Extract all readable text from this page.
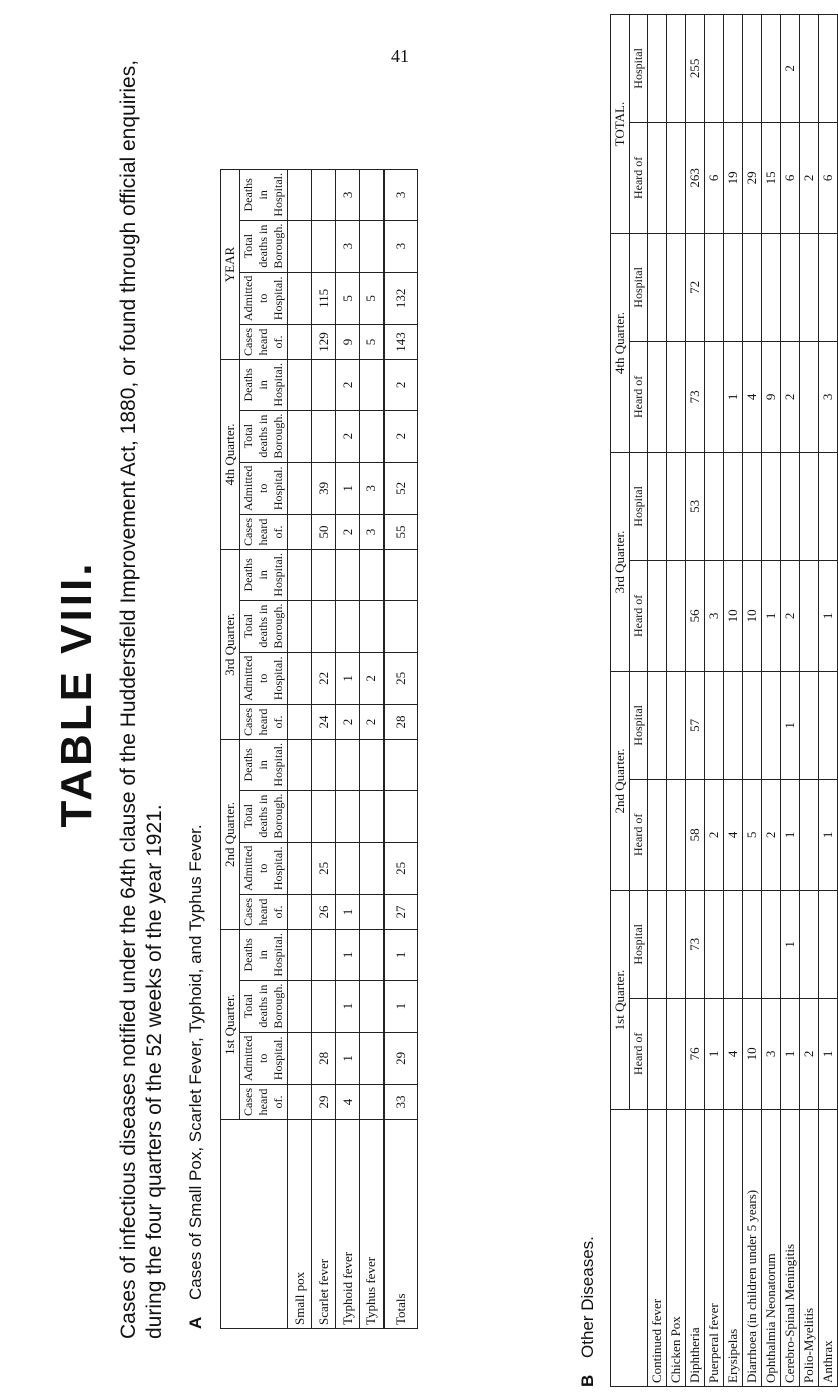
41
TABLE VIII. Cases of infectious diseases notified under the 64th clause of the Huddersfield Improvement Act, 1880, or found through official enquiries, during the four quarters of the 52 weeks of the year 1921. A Cases of Small Pox, Scarlet Fever, Typhoid, and Typhus Fever.
	1st Quarter.				2nd Quarter.				3rd Quarter.				4th Quarter.				YEAR			
	Cases heard of.	Admitted to Hospital.	Total deaths in Borough.	Deaths in Hospital.	Cases heard of.	Admitted to Hospital.	Total deaths in Borough.	Deaths in Hospital.	Cases heard of.	Admitted to Hospital.	Total deaths in Borough.	Deaths in Hospital.	Cases heard of.	Admitted to Hospital.	Total deaths in Borough.	Deaths in Hospital.	Cases heard of.	Admitted to Hospital.	Total deaths in Borough.	Deaths in Hospital.
Small pox																				
Scarlet fever	29	28			26	25			24	22			50	39			129	115		
Typhoid fever	4	1	1	1	1				2	1			2	1	2	2	9	5	3	3
Typhus fever									2	2			3	3			5	5		
Totals	33	29	1	1	27	25			28	25			55	52	2	2	143	132	3	3
B Other Diseases.
	1st Quarter.		2nd Quarter.		3rd Quarter.		4th Quarter.		TOTAL.	
	Heard of	Hospital	Heard of	Hospital	Heard of	Hospital	Heard of	Hospital	Heard of	Hospital
Continued fever										
Chicken Pox										
Diphtheria	76	73	58	57	56	53	73	72	263	255
Puerperal fever	1		2		3				6	
Erysipelas	4		4		10		1		19	
Diarrhoea (in children under 5 years)	10		5		10		4		29	
Ophthalmia Neonatorum	3		2		1		9		15	
Cerebro-Spinal Meningitis	1	1	1	1	2		2		6	2
Polio-Myelitis	2								2	
Anthrax	1		1		1		3		6	
